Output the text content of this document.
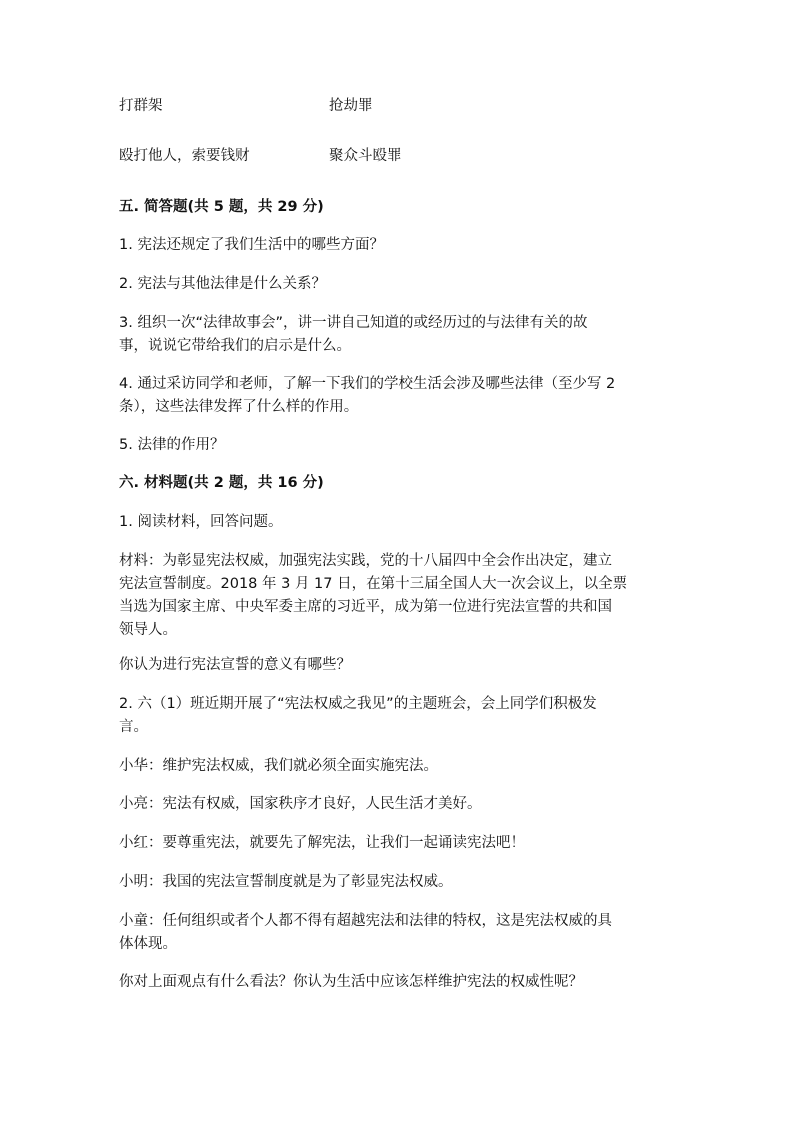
打群架	抢劫罪
殴打他人，索要钱财	聚众斗殴罪
五. 简答题(共 5 题，共 29 分)
1. 宪法还规定了我们生活中的哪些方面？
2. 宪法与其他法律是什么关系？
3. 组织一次“法律故事会”，讲一讲自己知道的或经历过的与法律有关的故
事，说说它带给我们的启示是什么。
4. 通过采访同学和老师，了解一下我们的学校生活会涉及哪些法律（至少写 2
条），这些法律发挥了什么样的作用。
5. 法律的作用？
六. 材料题(共 2 题，共 16 分)
1. 阅读材料，回答问题。
材料：为彰显宪法权威，加强宪法实践，党的十八届四中全会作出决定，建立
宪法宣誓制度。2018 年 3 月 17 日，在第十三届全国人大一次会议上，以全票
当选为国家主席、中央军委主席的习近平，成为第一位进行宪法宣誓的共和国
领导人。
你认为进行宪法宣誓的意义有哪些？
2. 六（1）班近期开展了“宪法权威之我见”的主题班会，会上同学们积极发
言。
小华：维护宪法权威，我们就必须全面实施宪法。
小亮：宪法有权威，国家秩序才良好，人民生活才美好。
小红：要尊重宪法，就要先了解宪法，让我们一起诵读宪法吧！
小明：我国的宪法宣誓制度就是为了彰显宪法权威。
小童：任何组织或者个人都不得有超越宪法和法律的特权，这是宪法权威的具
体体现。
你对上面观点有什么看法？你认为生活中应该怎样维护宪法的权威性呢？
